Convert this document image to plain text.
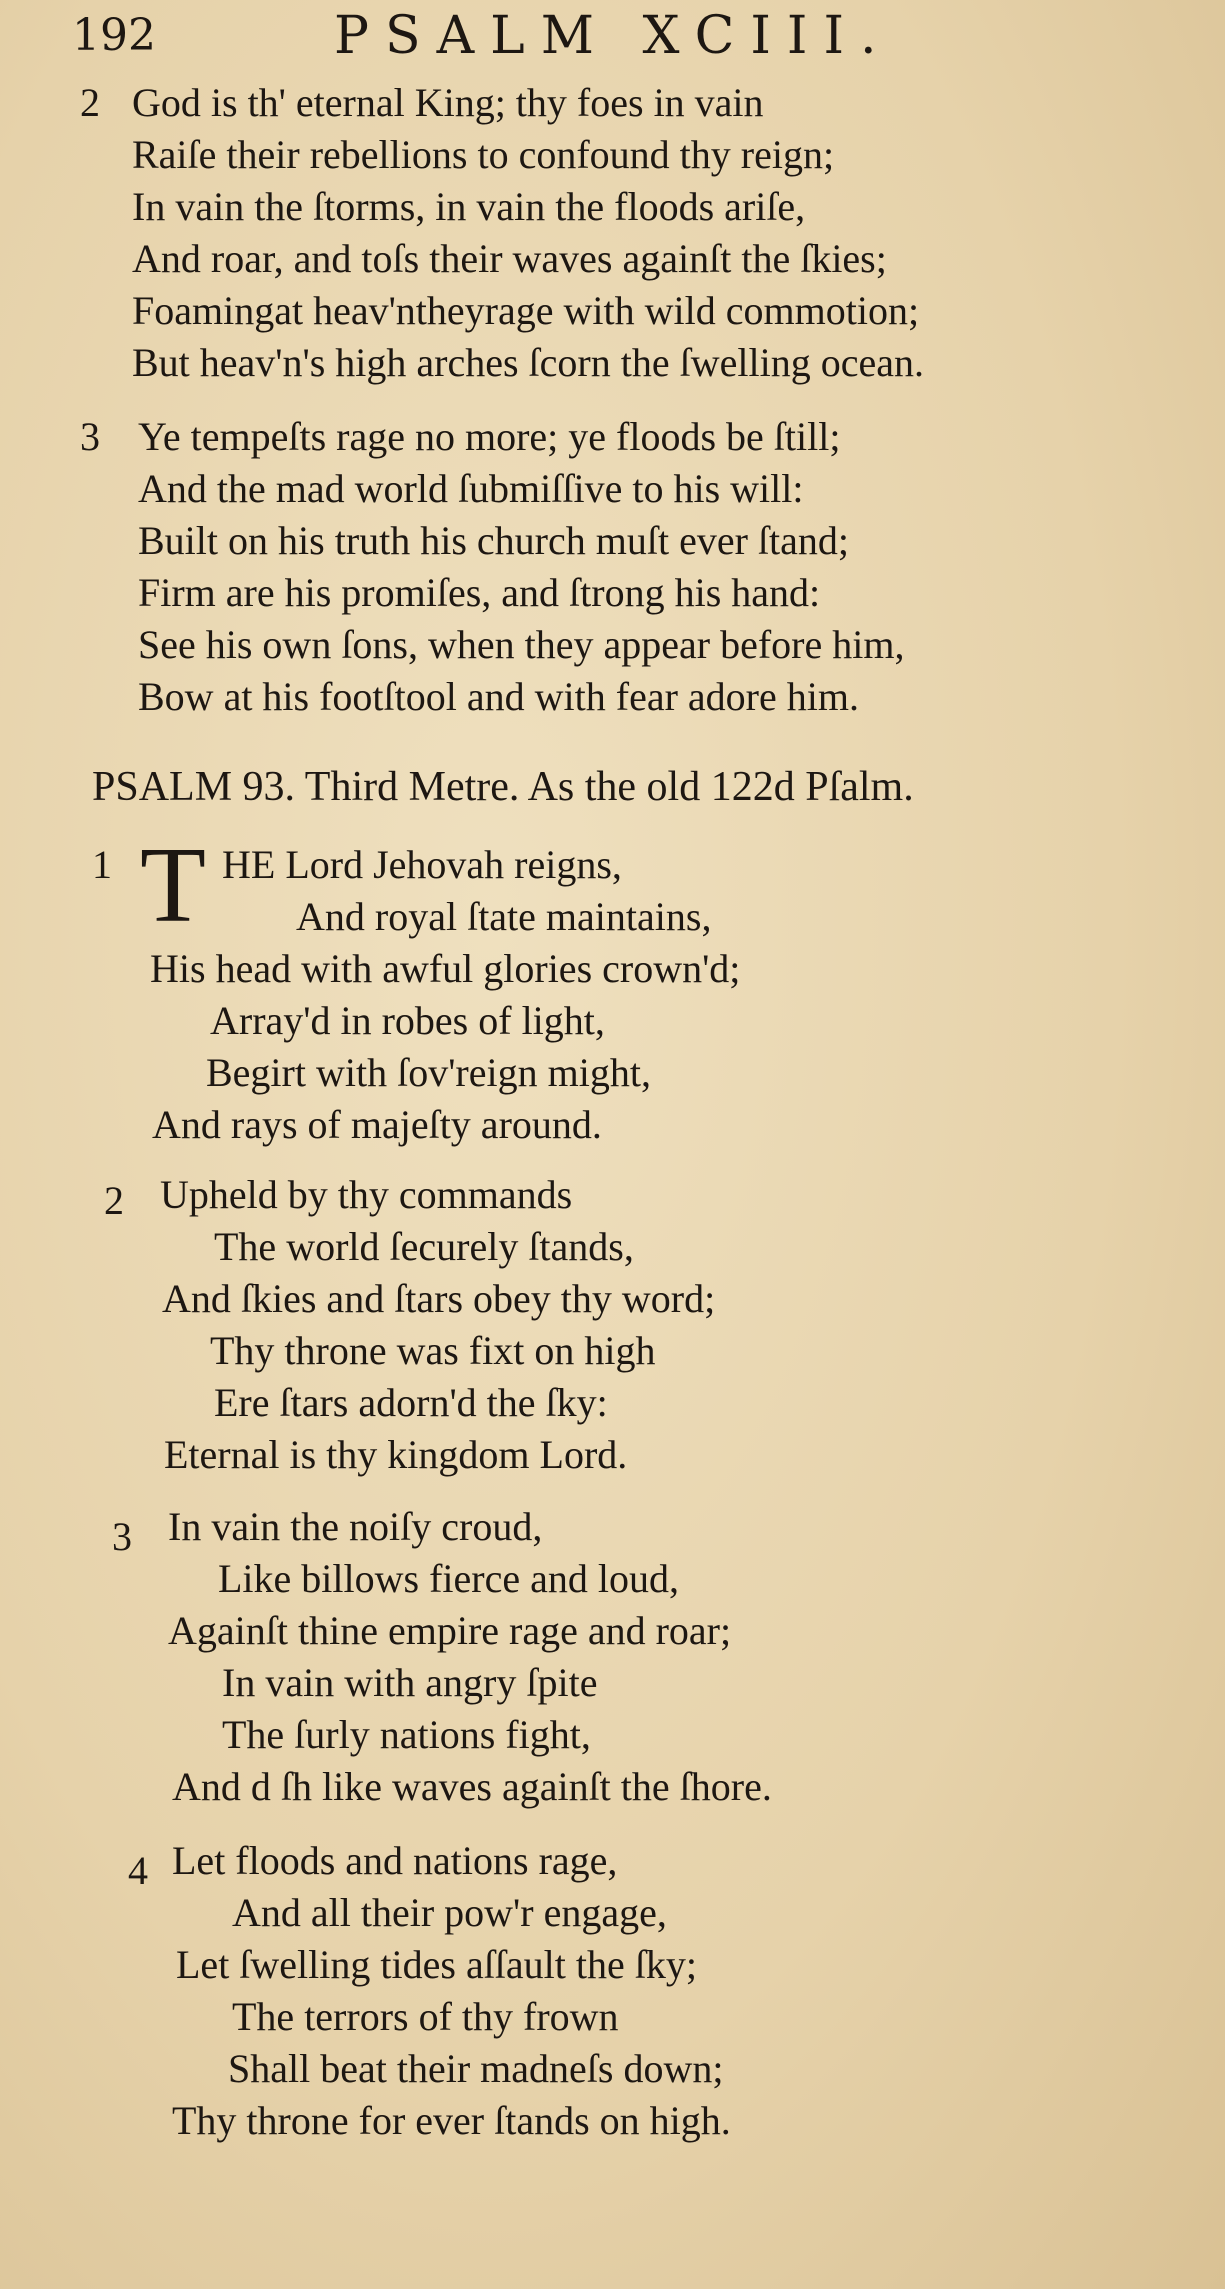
192	PSALM XCIII.
2 God is th' eternal King; thy foes in vain
Raiſe their rebellions to confound thy reign;
In vain the ſtorms, in vain the floods ariſe,
And roar, and toſs their waves againſt the ſkies;
Foamingat heav'ntheyrage with wild commotion;
But heav'n's high arches ſcorn the ſwelling ocean.
3 Ye tempeſts rage no more; ye floods be ſtill;
And the mad world ſubmiſſive to his will:
Built on his truth his church muſt ever ſtand;
Firm are his promiſes, and ſtrong his hand:
See his own ſons, when they appear before him,
Bow at his footſtool and with fear adore him.
PSALM 93. Third Metre. As the old 122d Pſalm.
1 T HE Lord Jehovah reigns,
And royal ſtate maintains,
His head with awful glories crown'd;
Array'd in robes of light,
Begirt with ſov'reign might,
And rays of majeſty around.
2 Upheld by thy commands
The world ſecurely ſtands,
And ſkies and ſtars obey thy word;
Thy throne was fixt on high
Ere ſtars adorn'd the ſky:
Eternal is thy kingdom Lord.
3 In vain the noiſy croud,
Like billows fierce and loud,
Againſt thine empire rage and roar;
In vain with angry ſpite
The ſurly nations fight,
And d ſh like waves againſt the ſhore.
4 Let floods and nations rage,
And all their pow'r engage,
Let ſwelling tides aſſault the ſky;
The terrors of thy frown
Shall beat their madneſs down;
Thy throne for ever ſtands on high.
